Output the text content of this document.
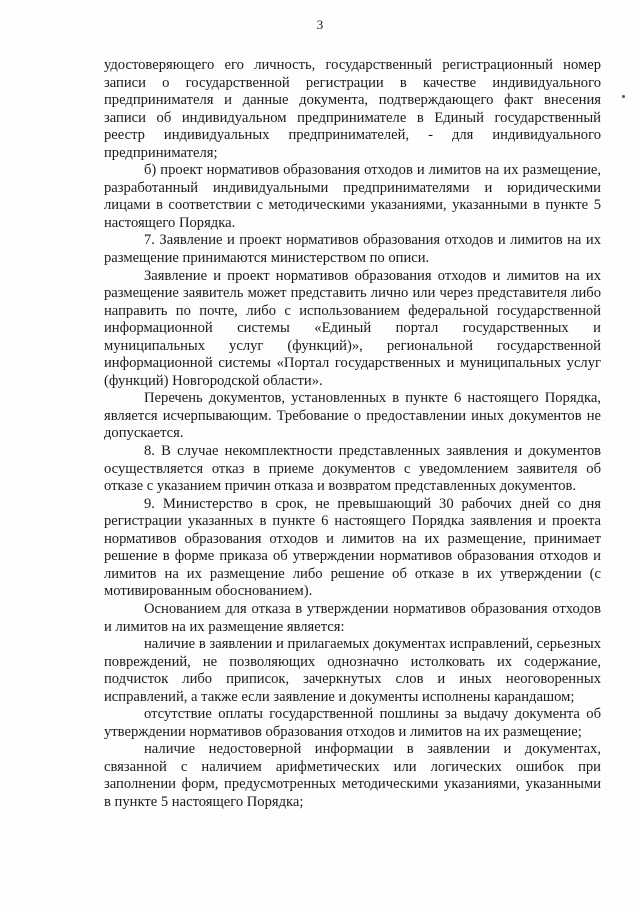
3

удостоверяющего его личность, государственный регистрационный номер записи о государственной регистрации в качестве индивидуального предпринимателя и данные документа, подтверждающего факт внесения записи об индивидуальном предпринимателе в Единый государственный реестр индивидуальных предпринимателей, - для индивидуального предпринимателя;

б) проект нормативов образования отходов и лимитов на их размещение, разработанный индивидуальными предпринимателями и юридическими лицами в соответствии с методическими указаниями, указанными в пункте 5 настоящего Порядка.

7. Заявление и проект нормативов образования отходов и лимитов на их размещение принимаются министерством по описи.

Заявление и проект нормативов образования отходов и лимитов на их размещение заявитель может представить лично или через представителя либо направить по почте, либо с использованием федеральной государственной информационной системы «Единый портал государственных и муниципальных услуг (функций)», региональной государственной информационной системы «Портал государственных и муниципальных услуг (функций) Новгородской области».

Перечень документов, установленных в пункте 6 настоящего Порядка, является исчерпывающим. Требование о предоставлении иных документов не допускается.

8. В случае некомплектности представленных заявления и документов осуществляется отказ в приеме документов с уведомлением заявителя об отказе с указанием причин отказа и возвратом представленных документов.

9. Министерство в срок, не превышающий 30 рабочих дней со дня регистрации указанных в пункте 6 настоящего Порядка заявления и проекта нормативов образования отходов и лимитов на их размещение, принимает решение в форме приказа об утверждении нормативов образования отходов и лимитов на их размещение либо решение об отказе в их утверждении (с мотивированным обоснованием).

Основанием для отказа в утверждении нормативов образования отходов и лимитов на их размещение является:

наличие в заявлении и прилагаемых документах исправлений, серьезных повреждений, не позволяющих однозначно истолковать их содержание, подчисток либо приписок, зачеркнутых слов и иных неоговоренных исправлений, а также если заявление и документы исполнены карандашом;

отсутствие оплаты государственной пошлины за выдачу документа об утверждении нормативов образования отходов и лимитов на их размещение;

наличие недостоверной информации в заявлении и документах, связанной с наличием арифметических или логических ошибок при заполнении форм, предусмотренных методическими указаниями, указанными в пункте 5 настоящего Порядка;
